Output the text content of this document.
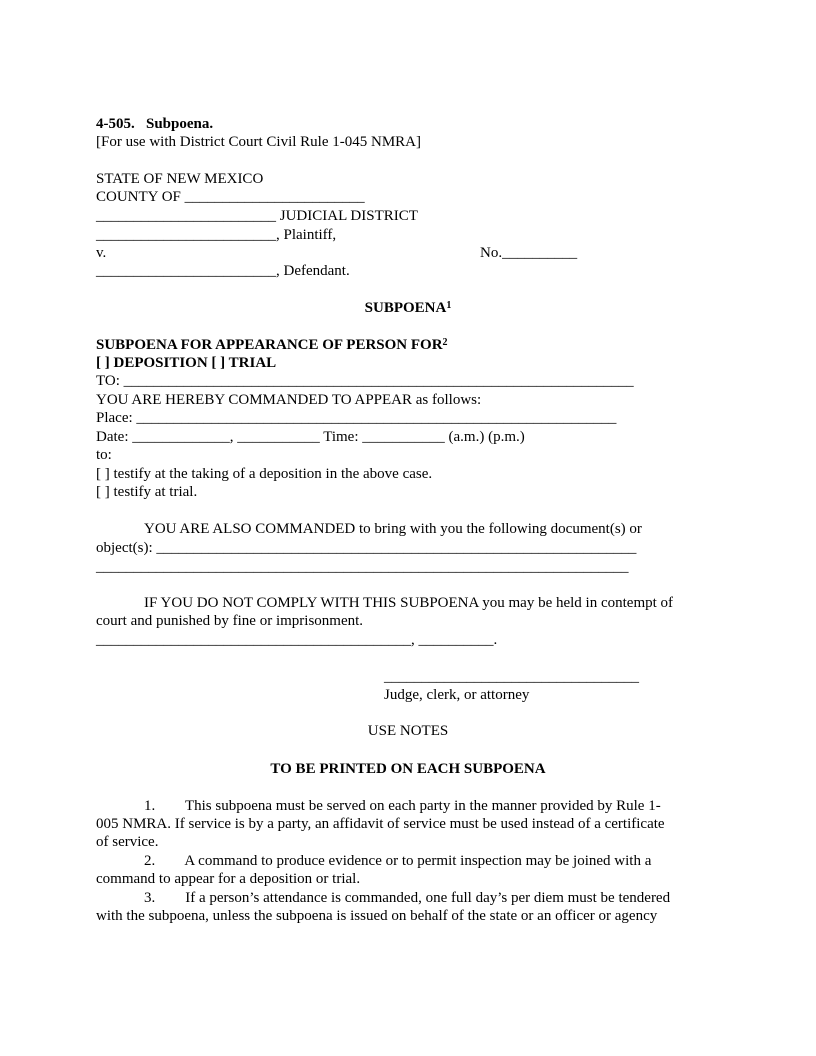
4-505. Subpoena.
[For use with District Court Civil Rule 1-045 NMRA]
STATE OF NEW MEXICO
COUNTY OF ________________________
________________________ JUDICIAL DISTRICT
________________________, Plaintiff,
v.	No.__________
________________________, Defendant.
SUBPOENA$^1$
SUBPOENA FOR APPEARANCE OF PERSON FOR$^2$
[ ] DEPOSITION [ ] TRIAL
TO: ____________________________________________________________________
YOU ARE HEREBY COMMANDED TO APPEAR as follows:
Place: ________________________________________________________________
Date: _____________, ___________ Time: ___________ (a.m.) (p.m.)
to:
[ ] testify at the taking of a deposition in the above case.
[ ] testify at trial.
YOU ARE ALSO COMMANDED to bring with you the following document(s) or
object(s): ________________________________________________________________
_______________________________________________________________________
IF YOU DO NOT COMPLY WITH THIS SUBPOENA you may be held in contempt of
court and punished by fine or imprisonment.
__________________________________________, __________.
__________________________________
Judge, clerk, or attorney
USE NOTES
TO BE PRINTED ON EACH SUBPOENA
1.        This subpoena must be served on each party in the manner provided by Rule 1-
005 NMRA. If service is by a party, an affidavit of service must be used instead of a certificate
of service.
2.        A command to produce evidence or to permit inspection may be joined with a
command to appear for a deposition or trial.
3.        If a person’s attendance is commanded, one full day’s per diem must be tendered
with the subpoena, unless the subpoena is issued on behalf of the state or an officer or agency
